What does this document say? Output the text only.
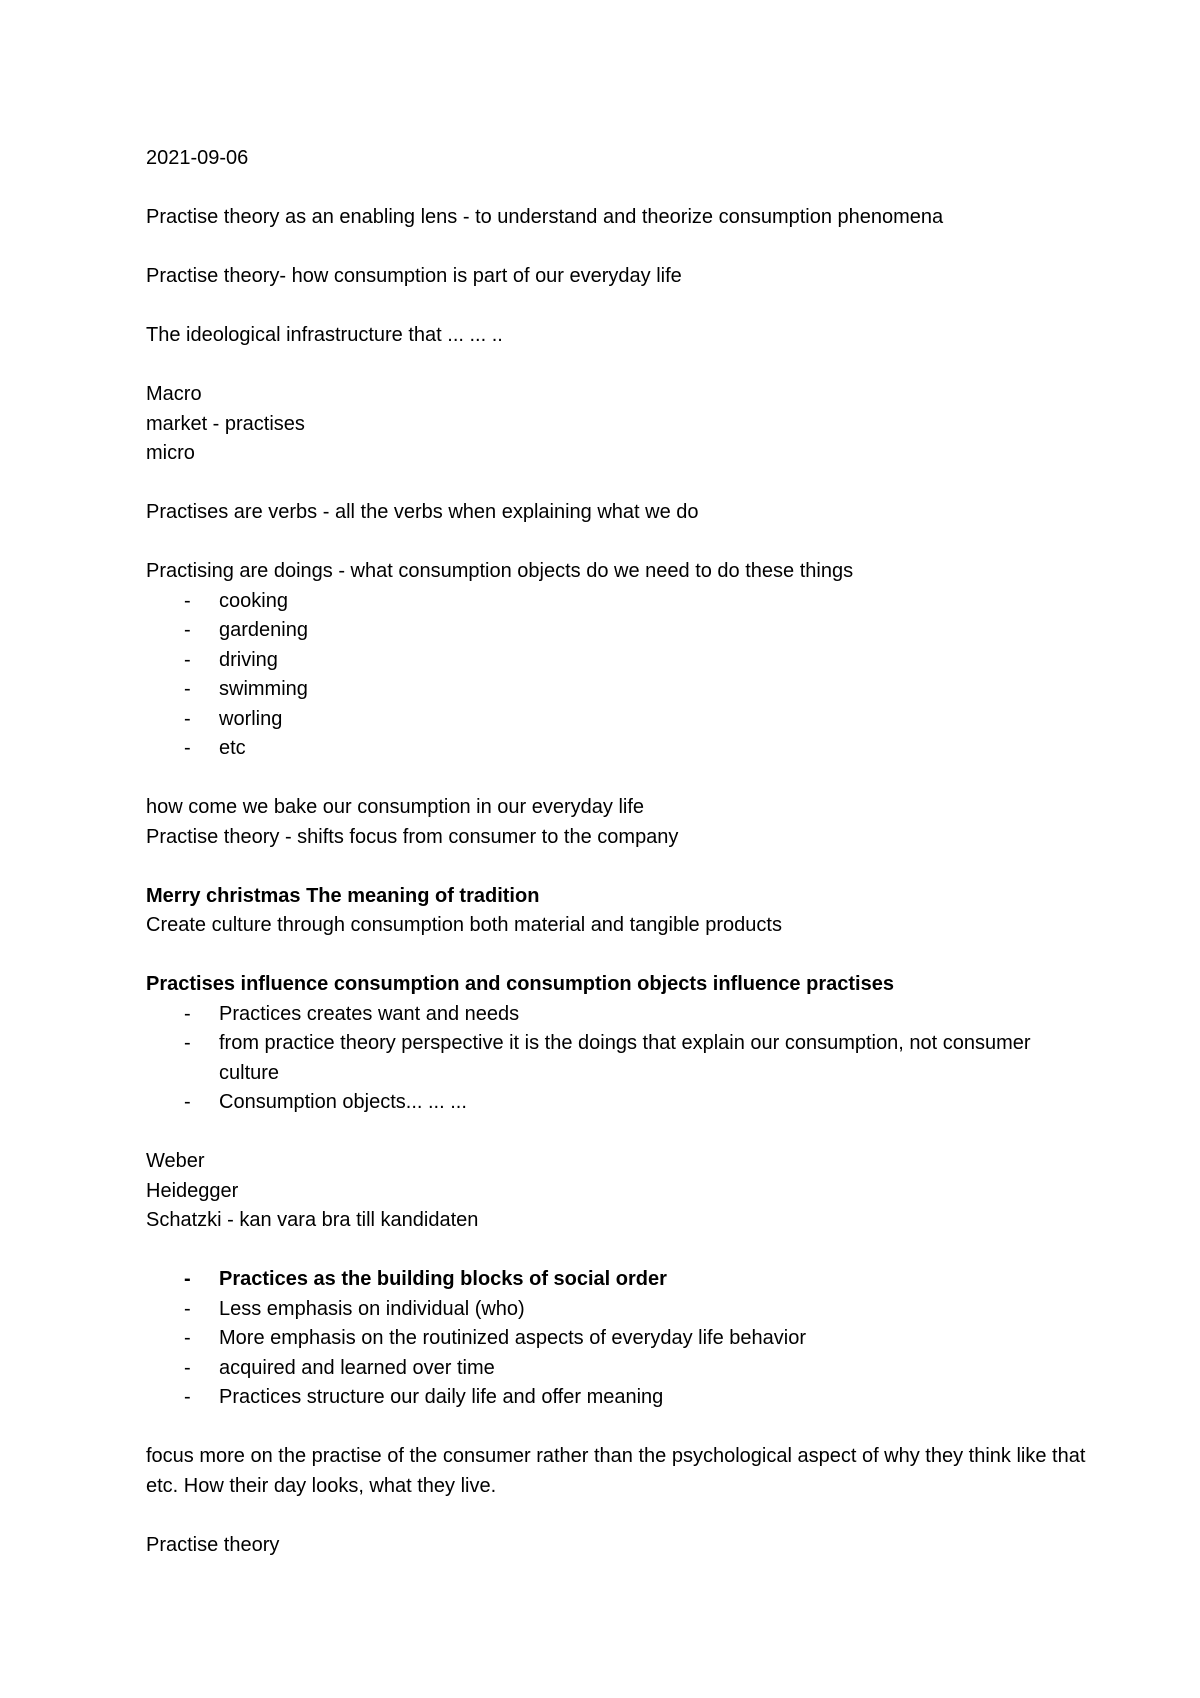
2021-09-06

Practise theory as an enabling lens - to understand and theorize consumption phenomena

Practise theory- how consumption is part of our everyday life

The ideological infrastructure that ... ... ..

Macro

market - practises

micro

Practises are verbs - all the verbs when explaining what we do

Practising are doings - what consumption objects do we need to do these things

- cooking
- gardening
- driving
- swimming
- worling
- etc

how come we bake our consumption in our everyday life

Practise theory - shifts focus from consumer to the company

Merry christmas The meaning of tradition

Create culture through consumption both material and tangible products

Practises influence consumption and consumption objects influence practises

- Practices creates want and needs
- from practice theory perspective it is the doings that explain our consumption, not consumer culture
- Consumption objects... ... ...

Weber

Heidegger

Schatzki - kan vara bra till kandidaten

- Practices as the building blocks of social order
- Less emphasis on individual (who)
- More emphasis on the routinized aspects of everyday life behavior
- acquired and learned over time
- Practices structure our daily life and offer meaning

focus more on the practise of the consumer rather than the psychological aspect of why they think like that etc. How their day looks, what they live.

Practise theory
